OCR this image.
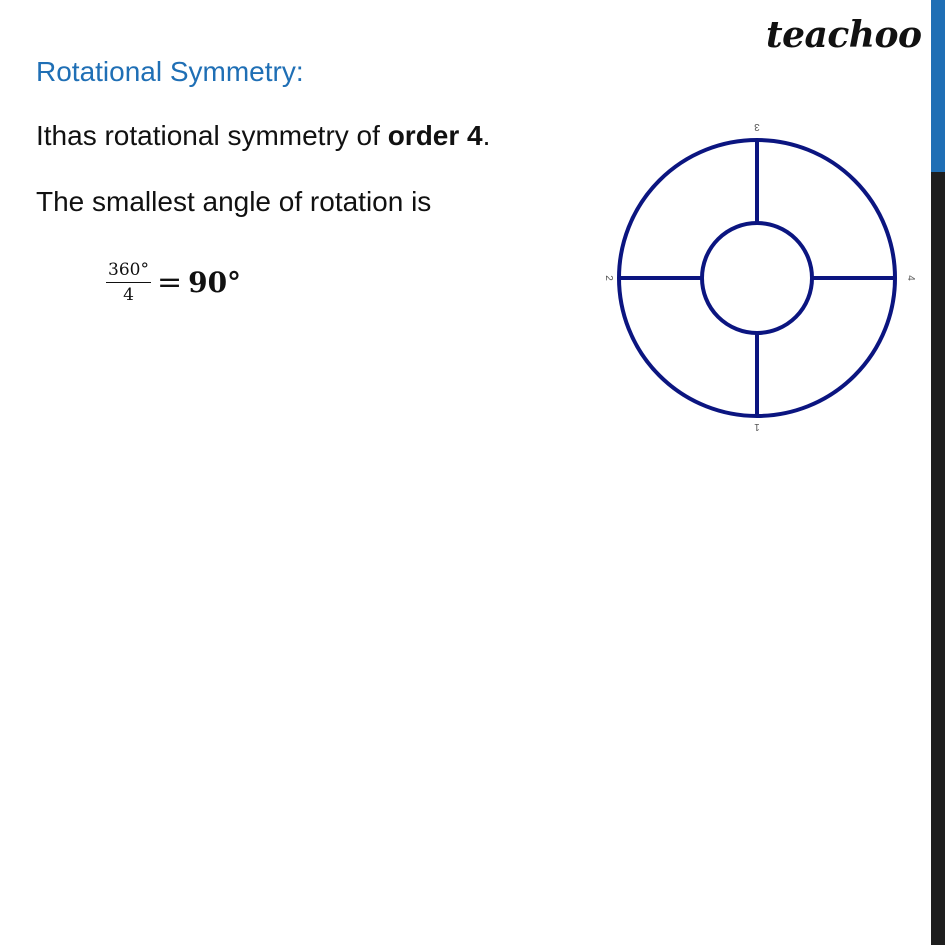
teachoo
Rotational Symmetry:
Ithas rotational symmetry of order 4.
The smallest angle of rotation is
$\frac{360^\circ}{4} = 90^\circ$
1
2
3
4
